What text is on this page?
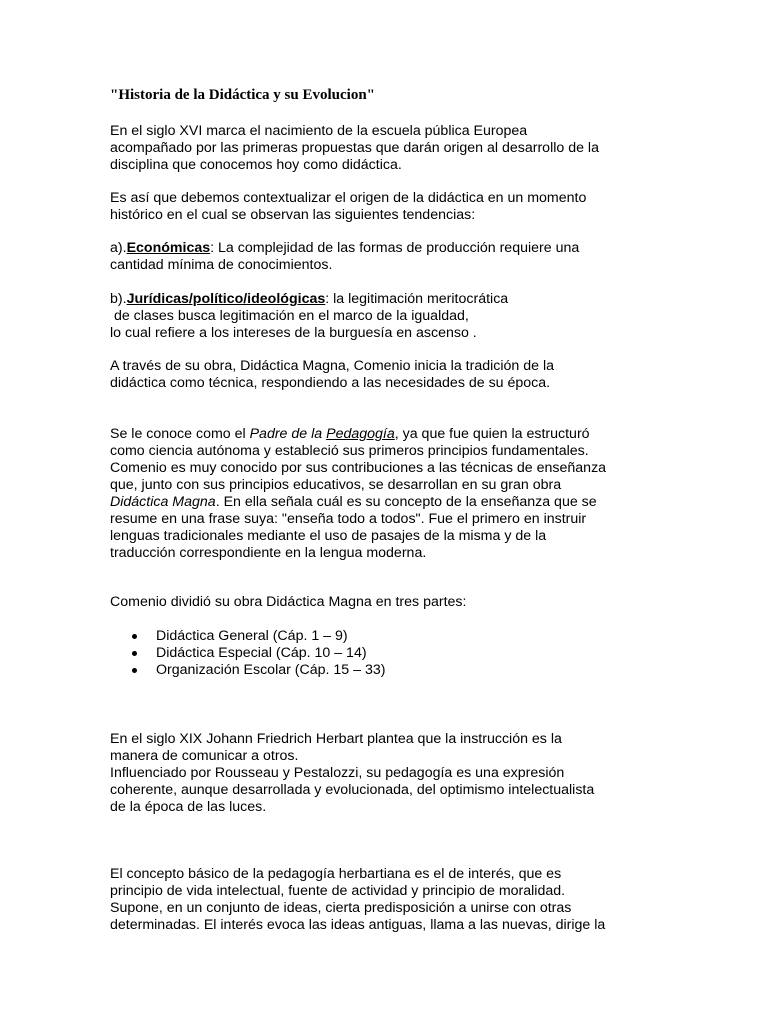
"Historia de la Didáctica y su Evolucion"

En el siglo XVI marca el nacimiento de la escuela pública Europea
acompañado por las primeras propuestas que darán origen al desarrollo de la
disciplina que conocemos hoy como didáctica.

Es así que debemos contextualizar el origen de la didáctica en un momento
histórico en el cual se observan las siguientes tendencias:

a).Económicas: La complejidad de las formas de producción requiere una
cantidad mínima de conocimientos.

b).Jurídicas/político/ideológicas: la legitimación meritocrática
de clases busca legitimación en el marco de la igualdad,
lo cual refiere a los intereses de la burguesía en ascenso .

A través de su obra, Didáctica Magna, Comenio inicia la tradición de la
didáctica como técnica, respondiendo a las necesidades de su época.

Se le conoce como el Padre de la Pedagogía, ya que fue quien la estructuró
como ciencia autónoma y estableció sus primeros principios fundamentales.
Comenio es muy conocido por sus contribuciones a las técnicas de enseñanza
que, junto con sus principios educativos, se desarrollan en su gran obra
Didáctica Magna. En ella señala cuál es su concepto de la enseñanza que se
resume en una frase suya: "enseña todo a todos". Fue el primero en instruir
lenguas tradicionales mediante el uso de pasajes de la misma y de la
traducción correspondiente en la lengua moderna.

Comenio dividió su obra Didáctica Magna en tres partes:

Didáctica General (Cáp. 1 – 9)
Didáctica Especial (Cáp. 10 – 14)
Organización Escolar (Cáp. 15 – 33)

En el siglo XIX Johann Friedrich Herbart plantea que la instrucción es la
manera de comunicar a otros.
Influenciado por Rousseau y Pestalozzi, su pedagogía es una expresión
coherente, aunque desarrollada y evolucionada, del optimismo intelectualista
de la época de las luces.

El concepto básico de la pedagogía herbartiana es el de interés, que es
principio de vida intelectual, fuente de actividad y principio de moralidad.
Supone, en un conjunto de ideas, cierta predisposición a unirse con otras
determinadas. El interés evoca las ideas antiguas, llama a las nuevas, dirige la
